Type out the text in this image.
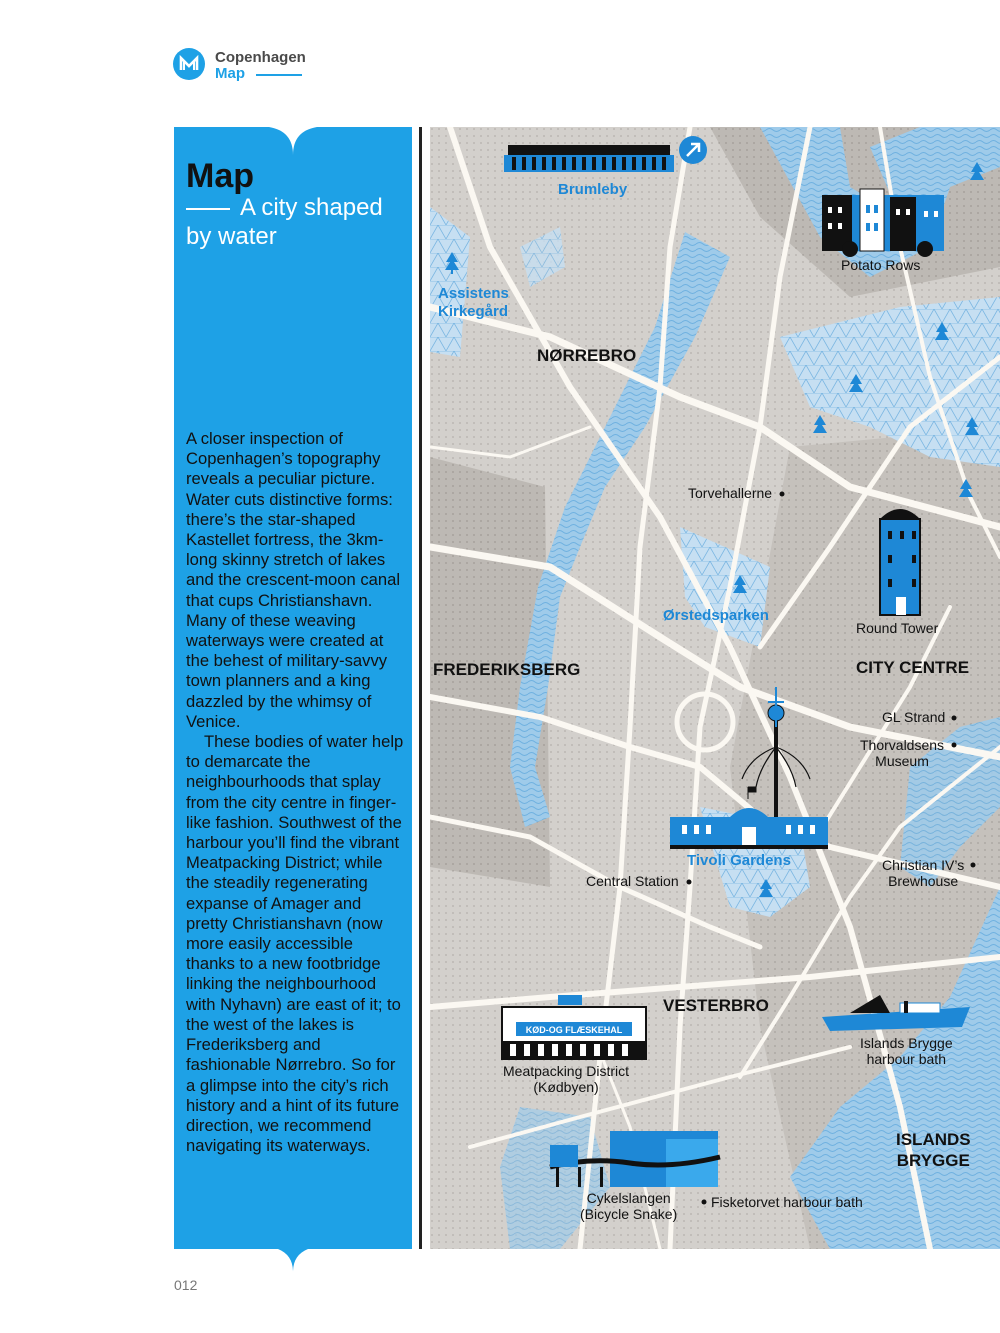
Copenhagen
Map
Map
A city shaped by water

A closer inspection of Copenhagen’s topography reveals a peculiar picture. Water cuts distinctive forms: there’s the star-shaped Kastellet fortress, the 3km-long skinny stretch of lakes and the crescent-moon canal that cups Christianshavn. Many of these weaving waterways were created at the behest of military-savvy town planners and a king dazzled by the whimsy of Venice.

These bodies of water help to demarcate the neighbourhoods that splay from the city centre in finger-like fashion. Southwest of the harbour you’ll find the vibrant Meatpacking District; while the steadily regenerating expanse of Amager and pretty Christianshavn (now more easily accessible thanks to a new footbridge linking the neighbourhood with Nyhavn) are east of it; to the west of the lakes is Frederiksberg and fashionable Nørrebro. So for a glimpse into the city’s rich history and a hint of its future direction, we recommend navigating its waterways.

KØD-OG FLÆSKEHAL
Brumleby
Potato Rows
Assistens
Kirkegård
NØRREBRO
Torvehallerne
Ørstedsparken
Round Tower
FREDERIKSBERG	CITY CENTRE
GL Strand
Thorvaldsens
Museum
Tivoli Gardens
Central Station
Christian IV’s
Brewhouse
VESTERBRO
Islands Brygge
harbour bath
Meatpacking District
(Kødbyen)
ISLANDS
BRYGGE
Cykelslangen
(Bicycle Snake)
Fisketorvet harbour bath
012
